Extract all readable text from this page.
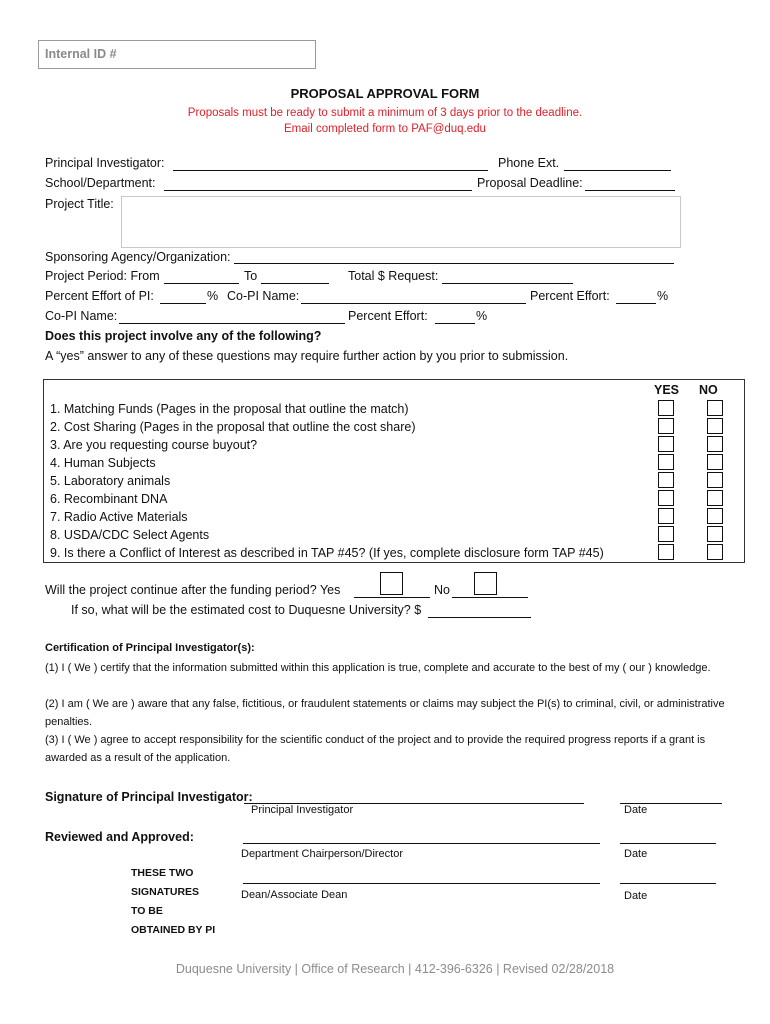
Internal ID #
PROPOSAL APPROVAL FORM
Proposals must be ready to submit a minimum of 3 days prior to the deadline.
Email completed form to PAF@duq.edu
Principal Investigator:	Phone Ext.
School/Department:	Proposal Deadline:
Project Title:
Sponsoring Agency/Organization:
Project Period: From	To	Total $ Request:
Percent Effort of PI:	% Co-PI Name:	Percent Effort:	%
Co-PI Name:	Percent Effort:	%
Does this project involve any of the following?
A “yes” answer to any of these questions may require further action by you prior to submission.
YES NO
1. Matching Funds (Pages in the proposal that outline the match)
2. Cost Sharing (Pages in the proposal that outline the cost share)
3. Are you requesting course buyout?
4. Human Subjects
5. Laboratory animals
6. Recombinant DNA
7. Radio Active Materials
8. USDA/CDC Select Agents
9. Is there a Conflict of Interest as described in TAP #45? (If yes, complete disclosure form TAP #45)
Will the project continue after the funding period? Yes	No
If so, what will be the estimated cost to Duquesne University? $
Certification of Principal Investigator(s):
(1) I ( We ) certify that the information submitted within this application is true, complete and accurate to the best of my ( our ) knowledge.
(2) I am ( We are ) aware that any false, fictitious, or fraudulent statements or claims may subject the PI(s) to criminal, civil, or administrative penalties.
(3) I ( We ) agree to accept responsibility for the scientific conduct of the project and to provide the required progress reports if a grant is awarded as a result of the application.
Signature of Principal Investigator:
Principal Investigator	Date
Reviewed and Approved:
Department Chairperson/Director	Date
Dean/Associate Dean	Date
THESE TWO
SIGNATURES
TO BE
OBTAINED BY PI
Duquesne University | Office of Research | 412-396-6326 | Revised 02/28/2018
